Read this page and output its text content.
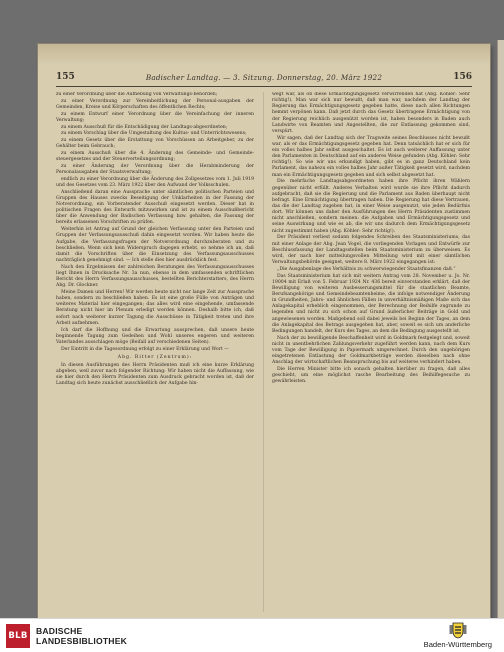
155	Badischer Landtag. — 3. Sitzung. Donnerstag, 20. März 1922	156

zu einer Verordnung über die Aufhebung von Verwaltungs-behörden;

zu einer Verordnung zur Vereinheitlichung der Personal-ausgaben der Gemeinden, Kreise und Körperschaften des öffentlichen Rechts;

zu einem Entwurf einer Verordnung über die Vereinfachung der inneren Verwaltung;

zu einem Ausschuß für die Entschädigung der Landtags-abgeordneten;

zu einem Vorschlag über die Umgestaltung des Kultus- und Unterrichtswesens;

zu einem Gesetz über die Erstattung von Vorschüssen an Arbeitgeber, zu der Gehälter beim Gebrauch;

zu einem Ausschuß über die 4. Änderung des Gemeinde- und Gemeindesteuergesetzes und der Steuerverteilungsordnung;

zu einer Änderung der Verordnung über die Herabminderung der Personalausgaben der Staatsverwaltung;

endlich zu einer Verordnung über die Änderung des Zollgesetzes vom 1. Juli 1919 und des Gesetzes vom 23. März 1922 über den Aufwand der Volksschulen.

Anschließend daran eine Aussprache unter sämtlichen politischen Parteien und Gruppen des Hauses zwecks Beseitigung der Unklarheiten in der Fassung der Notverordnung, ein Vorberatender Ausschuß eingesetzt werden. Dieser hat in politischen Fragen des Entwurfs mitzuwirken und ist zu einem Ausschußbericht über die Anwendung der Badischen Verfassung bzw. gehalten, die Fassung der bereits erlassenen Vorschriften zu prüfen.

Weiterhin ist Antrag auf Grund der gleichen Verfassung unter den Parteien und Gruppen der Verfassungsausschuß dahin eingesetzt worden. Wir haben heute die Aufgabe, die Verfassungsfragen der Notverordnung durchzuberaten und zu beschließen. Wenn sich kein Widerspruch dagegen erhebt, so nehme ich an, daß damit die Vorschriften über die Einsetzung des Verfassungsausschusses nachträglich genehmigt sind. — Ich stelle dies hier ausdrücklich fest.

Nach den Ergebnissen der zahlreichen Beratungen des Verfassungsausschusses liegt Ihnen in Drucksache Nr. 3a nun, ebenso in dem umfassenden schriftlichen Bericht des Herrn Verfassungsausschusses, bestellten Berichterstatters, des Herrn Abg. Dr. Glockner.

Meine Damen und Herren! Wir werden heute nicht nur lange Zeit zur Aussprache haben, sondern zu beschließen haben. Es ist eine große Fülle von Anträgen und weiteres Material hier eingegangen; das alles wird eine eingehende, umfassende Beratung nicht hier im Plenum erledigt werden können. Deshalb bitte ich, daß sofort nach weiterer kurzer Tagung die Ausschüsse in Tätigkeit treten und ihre Arbeit aufnehmen.

Ich darf die Hoffnung und die Erwartung aussprechen, daß unsere heute beginnende Tagung zum Gedeihen und Wohl unseres engeren und weiteren Vaterlandes ausschlagen möge (Beifall auf verschiedenen Seiten).

Der Eintritt in die Tagesordnung erfolgt zu einer Erklärung und Wort —

Abg. Ritter (Zentrum):

In diesen Ausführungen des Herrn Präsidenten muß ich eine kurze Erklärung abgeben, weil zuvor nach folgender Richtung: Wir haben nicht die Auffassung, wie sie hier durch den Herrn Präsidenten zum Ausdruck gebracht worden ist, daß der Landtag sich heute zunächst ausschließlich der Aufgabe hin-

wegt war, als ob diese Ermächtigungsgesetz verwirrenden hat (Abg. Köhler: Sehr richtig!). Man war sich nur bewußt, daß man war, nachdem der Landtag der Regierung das Ermächtigungsgesetz gegeben hatte, diese nach allen Richtungen hemmt verpönen kann. Daß jetzt durch das Gesetz übertragene Ermächtigung von der Regierung reichlich ausgenützt worden ist, haben besonders in Baden auch Landwirte von Beamten und Angestellten, die zur Entlassung gekommen sind, verspürt.

Wir sagen, daß der Landtag sich der Tragweite seines Beschlusses nicht bewußt war, als er das Ermächtigungsgesetz gegeben hat. Denn tatsächlich hat er sich für ein volles halbes Jahr selbst ausgeschaltet. Es ist auch weiterer Auffassung unter den Parlamenten in Deutschland auf ein anderes Weise gefunden (Abg. Köhler: Sehr richtig!). So wie wir uns erkundigt haben, gibt es in ganz Deutschland kein Parlament, das nahezu ein volles halbes Jahr außer Tätigkeit gesetzt wird, nachdem man ein Ermächtigungsgesetz gegeben und sich selbst abgesetzt hat.

Die mehrfache Landtagsabgeordneten haben ihre Pflicht ihren Wählern gegenüber nicht erfüllt. Anderes Verhalten wird wurde sie ihre Pflicht dadurch aufgebracht, daß sie die Regierung und die Parlament aus Baden überhaupt nicht befragt. Eine Ermächtigung übertragen haben. Die Regierung hat diese Vertrauen, das die der Landtag zugeben hat, in einer Weise ausgenutzt, wie jeden Bedürfnis dort. Wir können uns daher den Ausführungen des Herrn Präsidenten zustimmen nicht anschließen, sondern meinen: die Aufgaben und Ermächtigungsgesetz und seine Auswirkung und wie es ab, die wir uns dadurch dem Ermächtigungsgesetz nicht zugestimmt haben (Abg. Köhler: Sehr richtig!).

Der Präsident verliest sodann folgendes Schreiben des Staatsministeriums, das mit einer Anlage der Abg. Jean Vogel, die vorliegenden Vorlagen und Entwürfe zur Beschlussfassung der Landtagsstellen beim Staatsministerium zu überweisen. Es wird, der nach hier mitteilungsvollen Mitteilung wird mit einer sämtlichen Verwaltungsbehörde geeignet, weitere 8. März 1922 eingegangen ist:

„Die Ausgabenlage des Verhältnis zu schwerwiegender Staatsfinanzen daß.“

Das Staatsministerium hat sich mit weitern Antrag vom 28. November u. Jo. Nr. 19004 mit Erlaß von 5. Februar 1924 Nr. 436 bereit einverstanden erklärt, daß der Bewilligung von weiteren Ausbesserungsmittel für die staatlichen Beamte, Berufsangehörige und Gemeindebeamtenheime, die infolge notwendiger Änderung in Grundheiten, Jahrs- und ähnlichen Fällen in unverhältnismäßigen Maße sich das Anlagekapital erheblich eingenommen, der Berechnung der Beihilfe zugrunde zu legenden und nicht zu sich schon auf Grund äußerlicher Beiträge in Gold und angewiesenen worden. Maßgebend soll dabei jeweils bei Beginn der Tages, an dem die Anlagekapital des Betrags ausgegeben hat, aber, soweit es sich um anderliche Bedingungen handelt, der Kurs des Tages, an dem die Bedingung ausgestellt ist.

Nach der zu bewilligende Beschaffenheit wird in Goldmark festgelegt und, soweit nicht in unentbehrlichen Zahlungsverkehr zugeführt werden kann, nach dem Kurs vom Tage der Bewilligung in Papiermark umgerechnet. Durch den ungehörigen eingetretenen Entlastung der Goldmarkbeträge werden dieselben nach ohne Anschlag der wirtschaftlichen Beanspruchung bis auf weiteres verhindert haben.

Die Herren Minister bitte ich sonach gehalten hierüber zu fragen, daß alles geschieht, um eine möglichst rasche Bearbeitung des Beihilfegesuche zu gewährleisten.

BLB BADISCHE
LANDESBIBLIOTHEK	Baden-Württemberg
